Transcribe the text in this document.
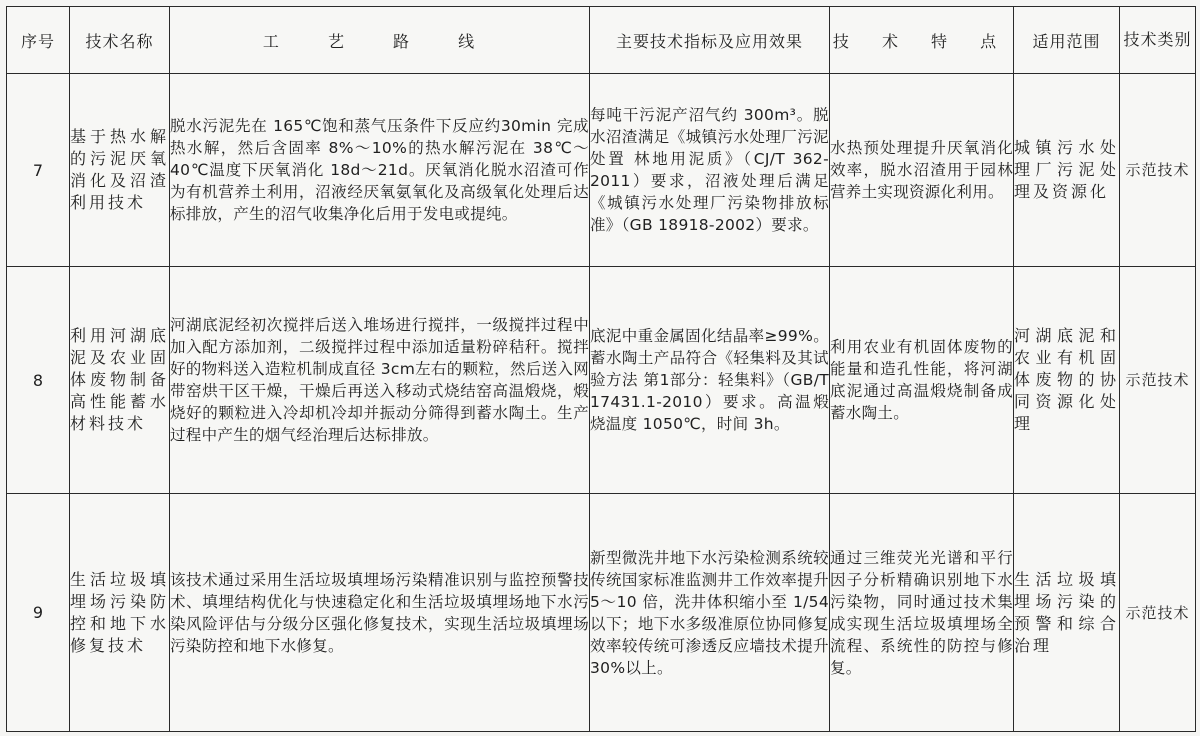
序号	技术名称	工 艺 路 线	主要技术指标及应用效果	技 术 特 点	适用范围	技术类别
7	基于热水解的污泥厌氧消化及沼渣利用技术	脱水污泥先在 165℃饱和蒸气压条件下反应约30min 完成热水解，然后含固率 8%～10%的热水解污泥在 38℃～40℃温度下厌氧消化 18d～21d。厌氧消化脱水沼渣可作为有机营养土利用，沼液经厌氧氨氧化及高级氧化处理后达标排放，产生的沼气收集净化后用于发电或提纯。	每吨干污泥产沼气约 300m³。脱水沼渣满足《城镇污水处理厂污泥处置 林地用泥质》（CJ/T 362-2011）要求，沼液处理后满足《城镇污水处理厂污染物排放标准》（GB 18918-2002）要求。	水热预处理提升厌氧消化效率，脱水沼渣用于园林营养土实现资源化利用。	城镇污水处理厂污泥处理及资源化	示范技术
8	利用河湖底泥及农业固体废物制备高性能蓄水材料技术	河湖底泥经初次搅拌后送入堆场进行搅拌，一级搅拌过程中加入配方添加剂，二级搅拌过程中添加适量粉碎秸秆。搅拌好的物料送入造粒机制成直径 3cm左右的颗粒，然后送入网带窑烘干区干燥，干燥后再送入移动式烧结窑高温煅烧，煅烧好的颗粒进入冷却机冷却并振动分筛得到蓄水陶土。生产过程中产生的烟气经治理后达标排放。	底泥中重金属固化结晶率≥99%。蓄水陶土产品符合《轻集料及其试验方法 第1部分：轻集料》（GB/T 17431.1-2010）要求。高温煅烧温度 1050℃，时间 3h。	利用农业有机固体废物的能量和造孔性能，将河湖底泥通过高温煅烧制备成蓄水陶土。	河湖底泥和农业有机固体废物的协同资源化处理	示范技术
9	生活垃圾填埋场污染防控和地下水修复技术	该技术通过采用生活垃圾填埋场污染精准识别与监控预警技术、填埋结构优化与快速稳定化和生活垃圾填埋场地下水污染风险评估与分级分区强化修复技术，实现生活垃圾填埋场污染防控和地下水修复。	新型微洗井地下水污染检测系统较传统国家标准监测井工作效率提升 5～10 倍，洗井体积缩小至 1/54 以下；地下水多级准原位协同修复效率较传统可渗透反应墙技术提升 30%以上。	通过三维荧光光谱和平行因子分析精确识别地下水污染物，同时通过技术集成实现生活垃圾填埋场全流程、系统性的防控与修复。	生活垃圾填埋场污染的预警和综合治理	示范技术
